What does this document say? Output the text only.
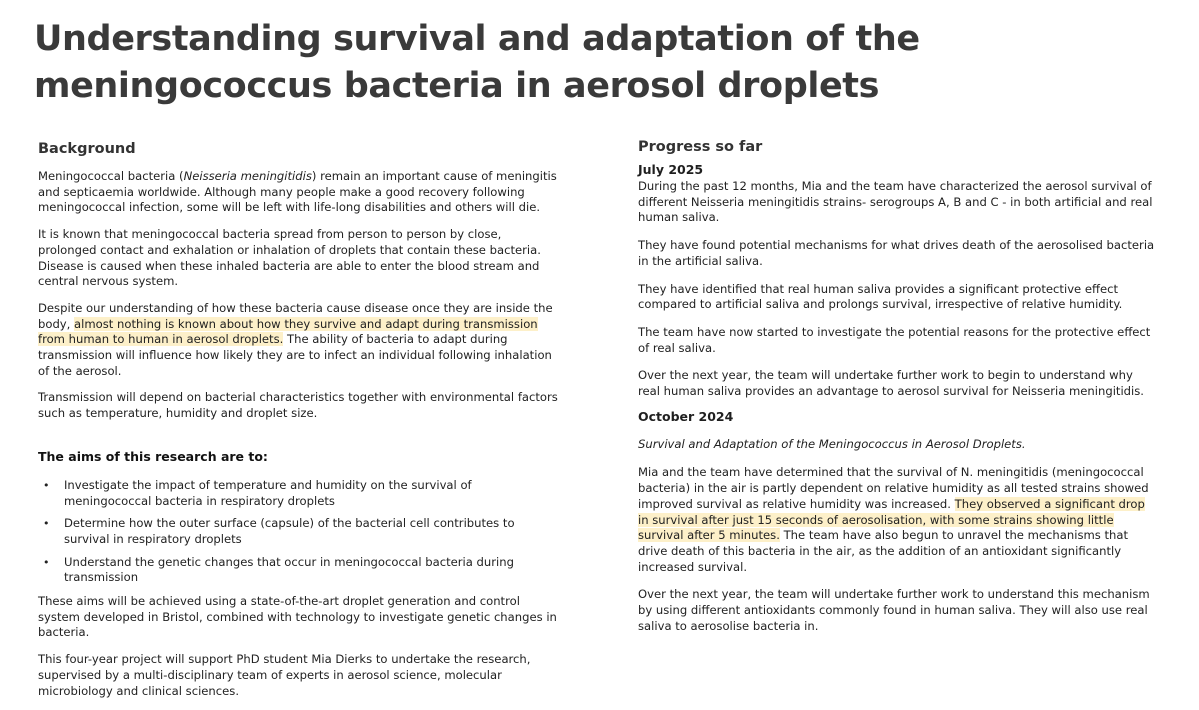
Understanding survival and adaptation of the meningococcus bacteria in aerosol droplets
Background

Meningococcal bacteria (Neisseria meningitidis) remain an important cause of meningitis and septicaemia worldwide. Although many people make a good recovery following meningococcal infection, some will be left with life-long disabilities and others will die.

It is known that meningococcal bacteria spread from person to person by close, prolonged contact and exhalation or inhalation of droplets that contain these bacteria. Disease is caused when these inhaled bacteria are able to enter the blood stream and central nervous system.

Despite our understanding of how these bacteria cause disease once they are inside the body, almost nothing is known about how they survive and adapt during transmission from human to human in aerosol droplets. The ability of bacteria to adapt during transmission will influence how likely they are to infect an individual following inhalation of the aerosol.

Transmission will depend on bacterial characteristics together with environmental factors such as temperature, humidity and droplet size.

The aims of this research are to:
• Investigate the impact of temperature and humidity on the survival of meningococcal bacteria in respiratory droplets
• Determine how the outer surface (capsule) of the bacterial cell contributes to survival in respiratory droplets
• Understand the genetic changes that occur in meningococcal bacteria during transmission

These aims will be achieved using a state-of-the-art droplet generation and control system developed in Bristol, combined with technology to investigate genetic changes in bacteria.

This four-year project will support PhD student Mia Dierks to undertake the research, supervised by a multi-disciplinary team of experts in aerosol science, molecular microbiology and clinical sciences.

Progress so far
July 2025

During the past 12 months, Mia and the team have characterized the aerosol survival of different Neisseria meningitidis strains- serogroups A, B and C - in both artificial and real human saliva.

They have found potential mechanisms for what drives death of the aerosolised bacteria in the artificial saliva.

They have identified that real human saliva provides a significant protective effect compared to artificial saliva and prolongs survival, irrespective of relative humidity.

The team have now started to investigate the potential reasons for the protective effect of real saliva.

Over the next year, the team will undertake further work to begin to understand why real human saliva provides an advantage to aerosol survival for Neisseria meningitidis.

October 2024

Survival and Adaptation of the Meningococcus in Aerosol Droplets.

Mia and the team have determined that the survival of N. meningitidis (meningococcal bacteria) in the air is partly dependent on relative humidity as all tested strains showed improved survival as relative humidity was increased. They observed a significant drop in survival after just 15 seconds of aerosolisation, with some strains showing little survival after 5 minutes. The team have also begun to unravel the mechanisms that drive death of this bacteria in the air, as the addition of an antioxidant significantly increased survival.

Over the next year, the team will undertake further work to understand this mechanism by using different antioxidants commonly found in human saliva. They will also use real saliva to aerosolise bacteria in.
